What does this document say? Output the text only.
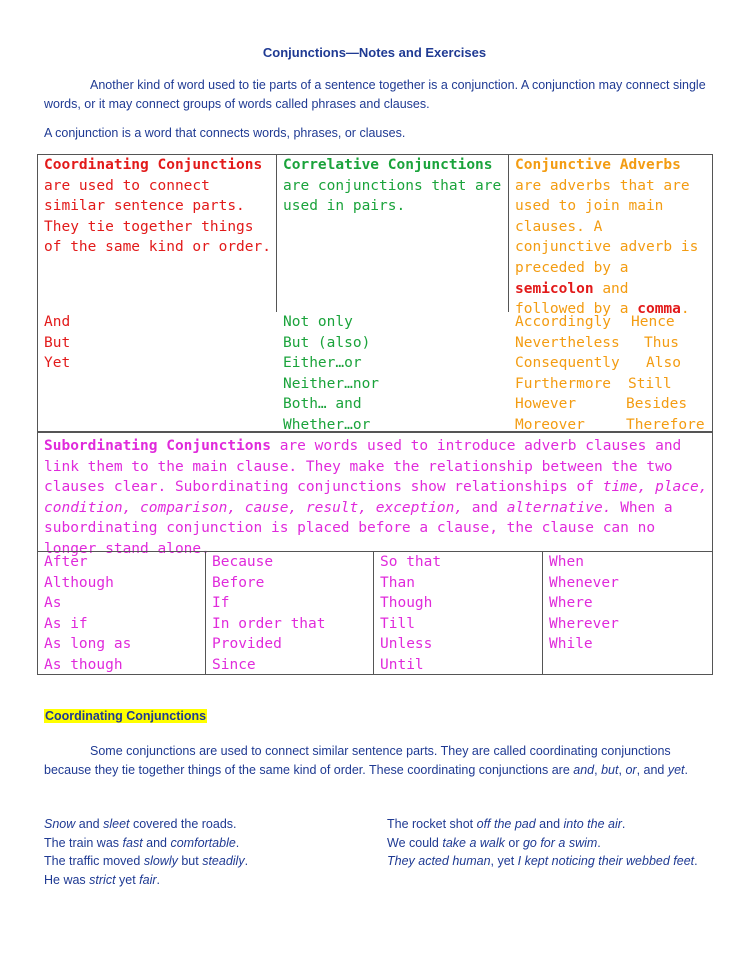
Conjunctions—Notes and Exercises
Another kind of word used to tie parts of a sentence together is a conjunction. A conjunction may connect single words, or it may connect groups of words called phrases and clauses.
A conjunction is a word that connects words, phrases, or clauses.
Coordinating Conjunctions are used to connect similar sentence parts. They tie together things of the same kind or order.
Correlative Conjunctions are conjunctions that are used in pairs.
Conjunctive Adverbs are adverbs that are used to join main clauses. A conjunctive adverb is preceded by a semicolon and followed by a comma.
And
But
Yet
Not only
But (also)
Either…or
Neither…nor
Both… and
Whether…or
Accordingly Hence
Nevertheless Thus
Consequently Also
Furthermore Still
However	Besides
Moreover	Therefore
Subordinating Conjunctions are words used to introduce adverb clauses and link them to the main clause. They make the relationship between the two clauses clear. Subordinating conjunctions show relationships of time, place, condition, comparison, cause, result, exception, and alternative. When a subordinating conjunction is placed before a clause, the clause can no longer stand alone.
After
Although
As
As if
As long as
As though
Because
Before
If
In order that
Provided
Since
So that
Than
Though
Till
Unless
Until
When
Whenever
Where
Wherever
While
Coordinating Conjunctions
Some conjunctions are used to connect similar sentence parts. They are called coordinating conjunctions because they tie together things of the same kind of order. These coordinating conjunctions are and, but, or, and yet.
Snow and sleet covered the roads.
The train was fast and comfortable.
The traffic moved slowly but steadily.
He was strict yet fair.
The rocket shot off the pad and into the air.
We could take a walk or go for a swim.
They acted human, yet I kept noticing their webbed feet.
